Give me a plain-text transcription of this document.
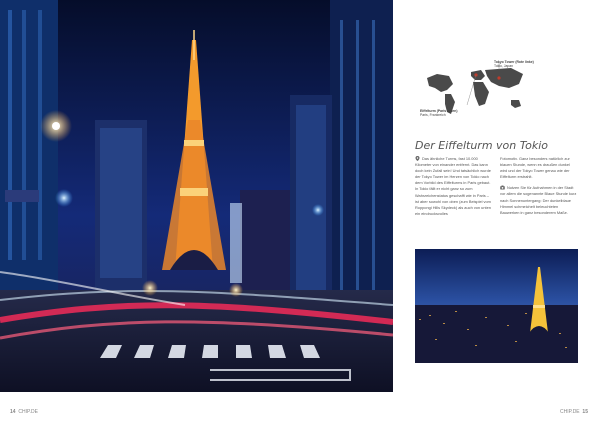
Tokyo Tower (Rote linke)
Tokio, Japan
Eiffelturm (Paris unten)
Paris, Frankreich
Der Eiffelturm von Tokio

Das ähnliche Turms, fast 10.000 Kilometer von einander entfernt. Das kann doch kein Zufall sein! Und tatsächlich wurde der Tokyo Tower im Herzen von Tokio nach dem Vorbild des Eiffelturms in Paris gebaut. In Tokio fällt er nicht ganz so zum Wahrzeichenstatus geschafft wie in Paris – ist aber sowohl von oben (zum Beispiel vom Roppongi Hills Skydeck) als auch von unten ein eindrucksvolles

Fotomotiv. Ganz besonders natürlich zur blauen Stunde, wenn es draußen dunkel wird und der Tokyo Tower genau wie der Eiffelturm erstrahlt.

Nutzen Sie für Aufnahmen in der Stadt vor allem die sogenannte Blaue Stunde kurz nach Sonnenuntergang: Der dunkelblaue Himmel schmeichelt beleuchteten Bauwerken in ganz besonderem Maße.

14 CHIP.DE	CHIP.DE 15
